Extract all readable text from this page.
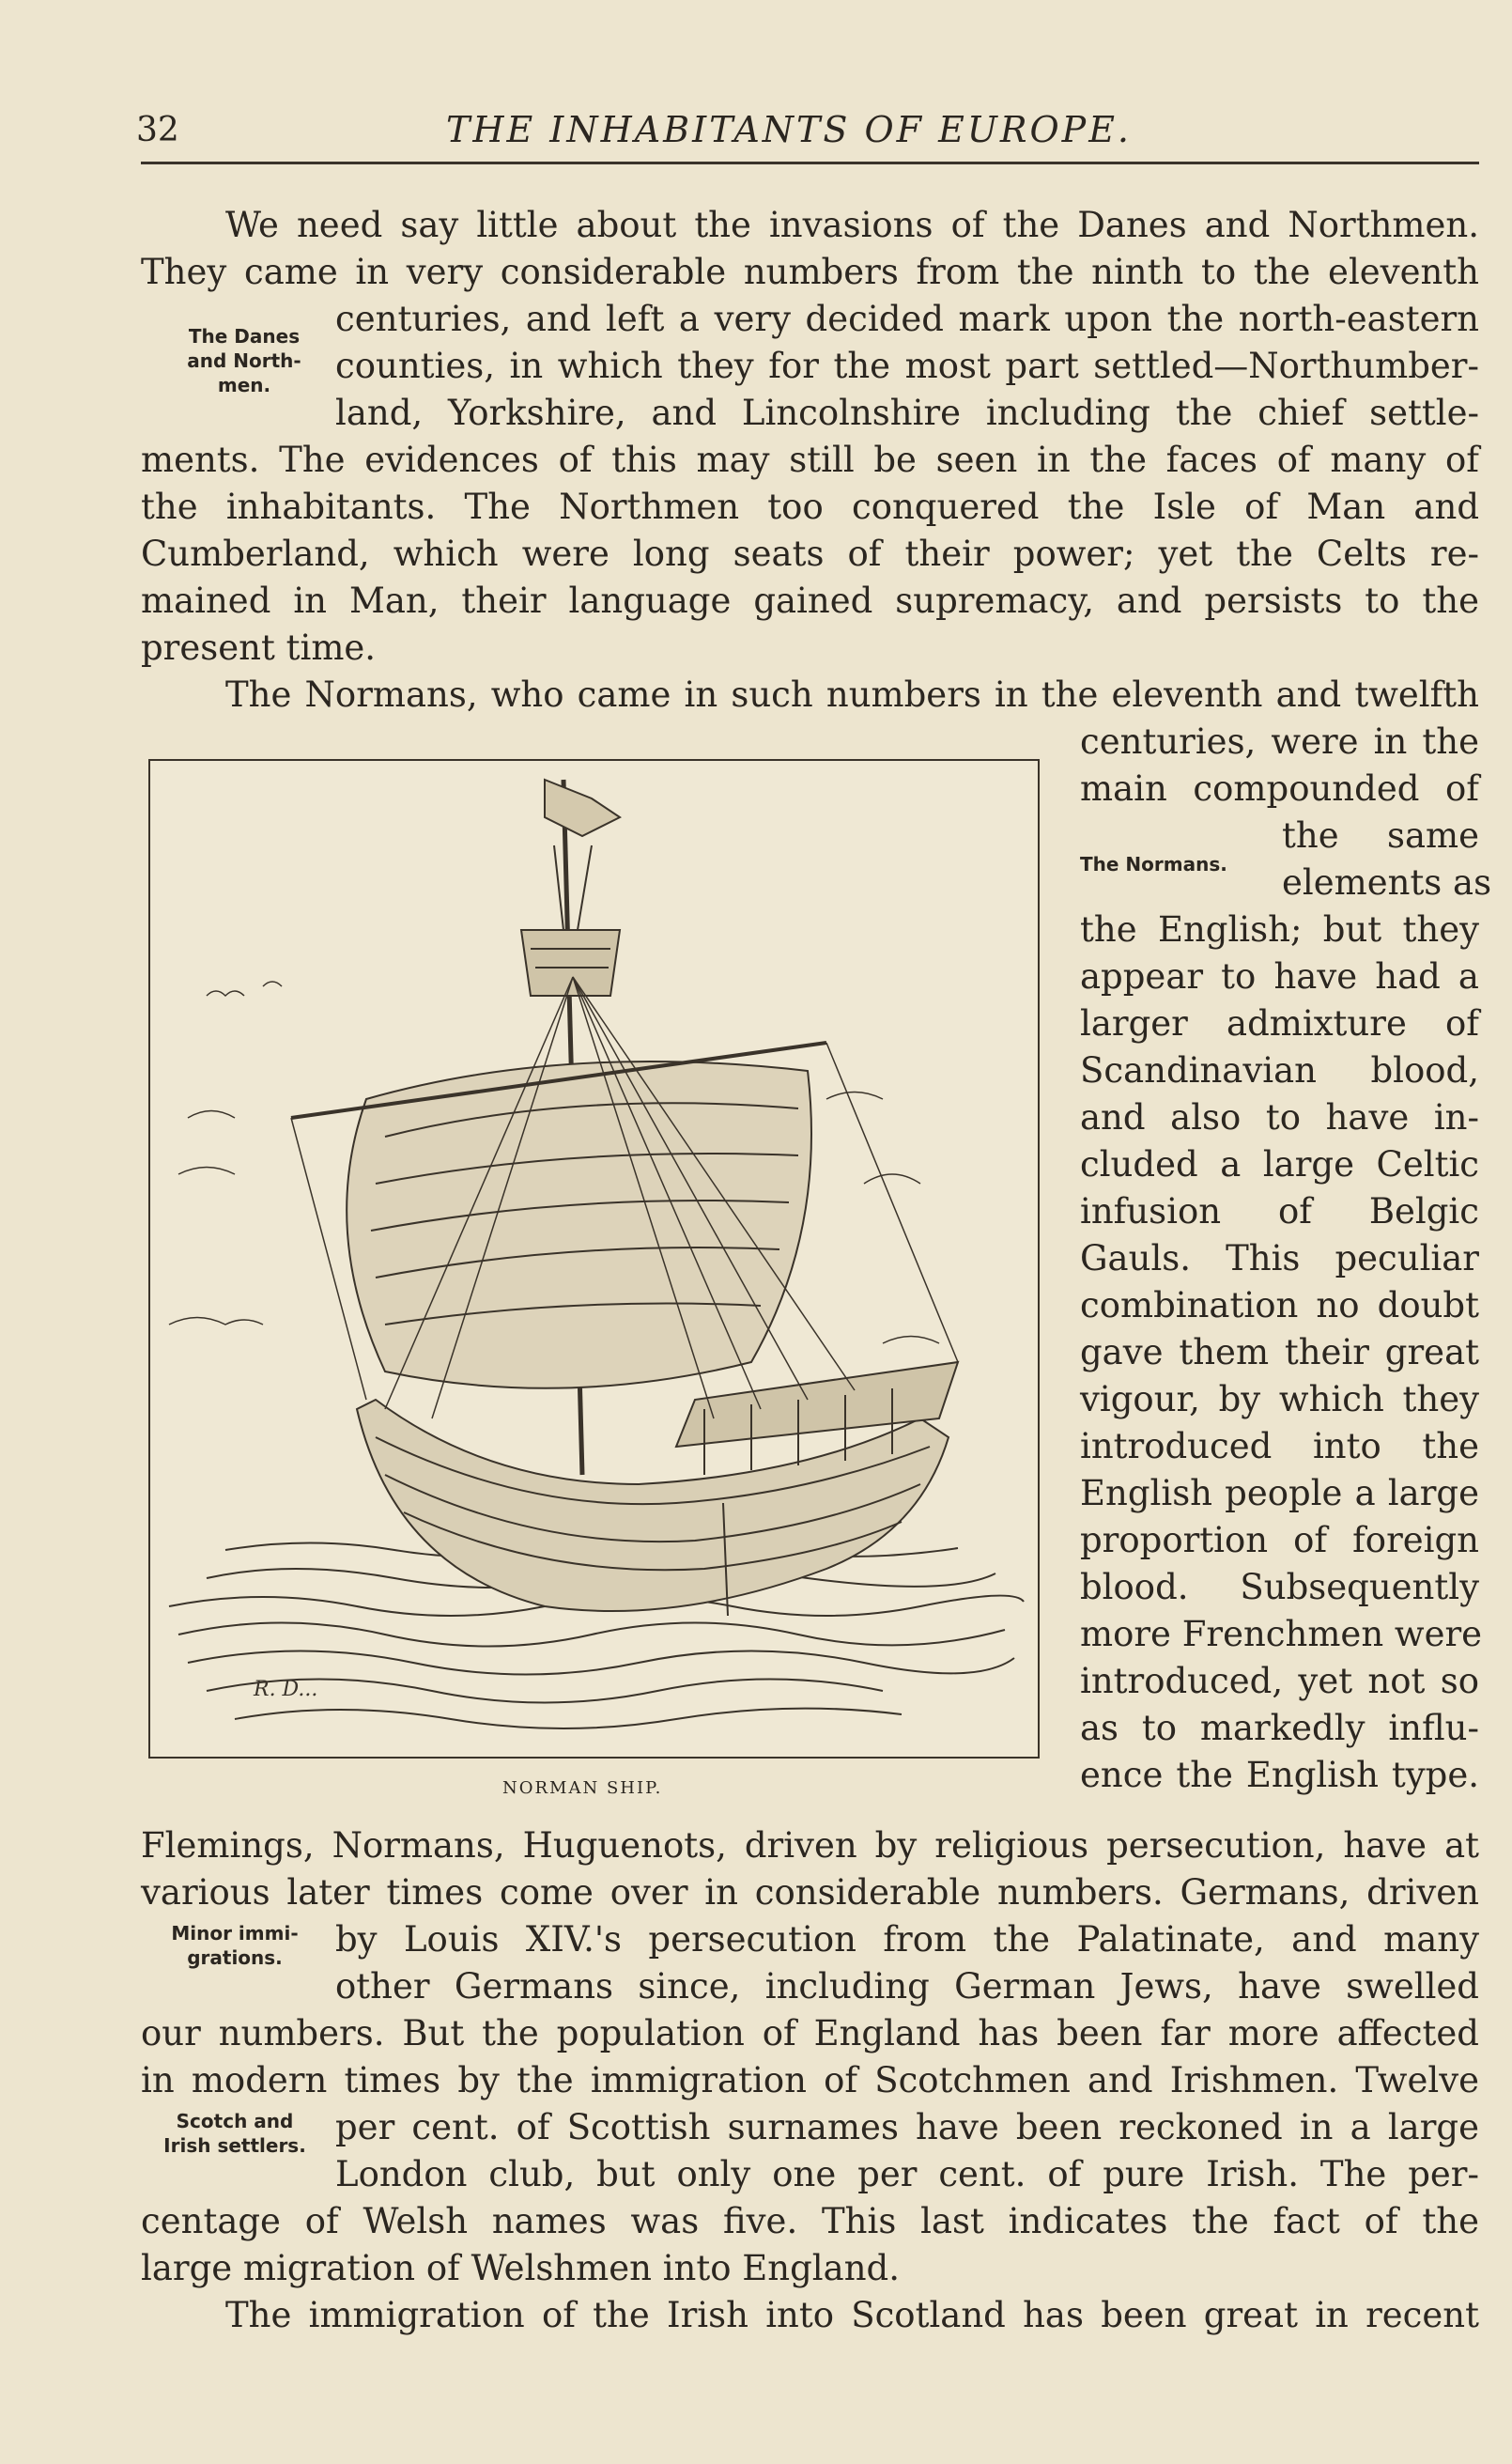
32	THE INHABITANTS OF EUROPE.
We need say little about the invasions of the Danes and Northmen.
They came in very considerable numbers from the ninth to the eleventh
centuries, and left a very decided mark upon the north-eastern
counties, in which they for the most part settled—Northumber-
land, Yorkshire, and Lincolnshire including the chief settle-
ments. The evidences of this may still be seen in the faces of many of
the inhabitants. The Northmen too conquered the Isle of Man and
Cumberland, which were long seats of their power; yet the Celts re-
mained in Man, their language gained supremacy, and persists to the
present time.
The Normans, who came in such numbers in the eleventh and twelfth
The Danes
and North-
men.
R. D...
NORMAN SHIP.
centuries, were in the
main compounded of
the same
elements as
the English; but they
appear to have had a
larger admixture of
Scandinavian blood,
and also to have in-
cluded a large Celtic
infusion of Belgic
Gauls. This peculiar
combination no doubt
gave them their great
vigour, by which they
introduced into the
English people a large
proportion of foreign
blood. Subsequently
more Frenchmen were
introduced, yet not so
as to markedly influ-
ence the English type.
The Normans.
Flemings, Normans, Huguenots, driven by religious persecution, have at
various later times come over in considerable numbers. Germans, driven
by Louis XIV.'s persecution from the Palatinate, and many
other Germans since, including German Jews, have swelled
our numbers. But the population of England has been far more affected
in modern times by the immigration of Scotchmen and Irishmen. Twelve
per cent. of Scottish surnames have been reckoned in a large
London club, but only one per cent. of pure Irish. The per-
centage of Welsh names was five. This last indicates the fact of the
large migration of Welshmen into England.
The immigration of the Irish into Scotland has been great in recent
Minor immi-
grations.
Scotch and
Irish settlers.
